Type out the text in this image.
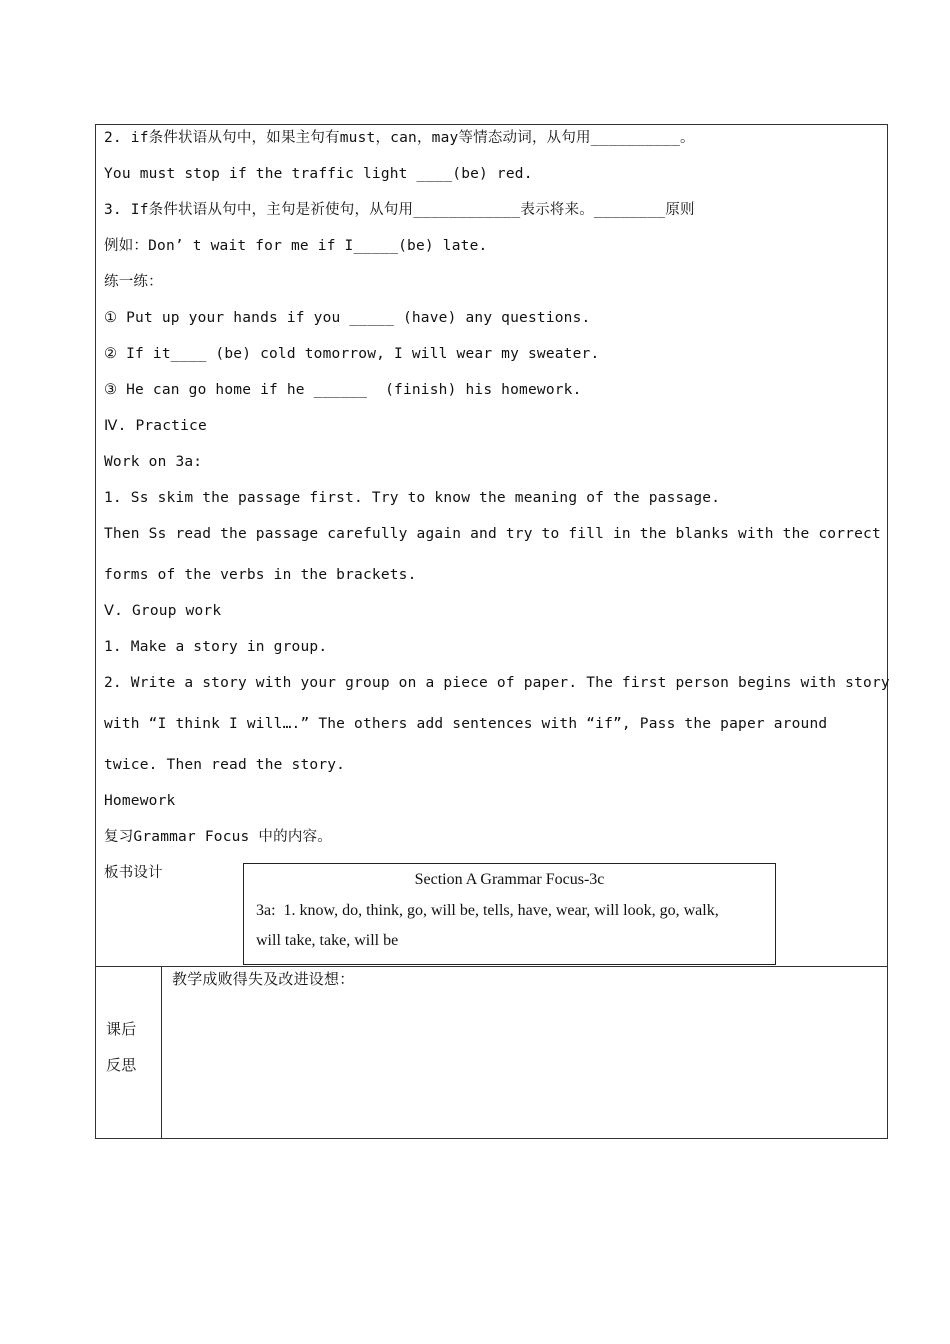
2. if条件状语从句中，如果主句有must，can，may等情态动词，从句用__________。
You must stop if the traffic light ____(be) red.
3. If条件状语从句中，主句是祈使句，从句用____________表示将来。________原则
例如：Don’ t wait for me if I_____(be) late.
练一练：
① Put up your hands if you _____ (have) any questions.
② If it____ (be) cold tomorrow, I will wear my sweater.
③ He can go home if he ______  (finish) his homework.
Ⅳ. Practice
Work on 3a:
1. Ss skim the passage first. Try to know the meaning of the passage.
Then Ss read the passage carefully again and try to fill in the blanks with the correct
forms of the verbs in the brackets.
Ⅴ. Group work
1. Make a story in group.
2. Write a story with your group on a piece of paper. The first person begins with story
with “I think I will….” The others add sentences with “if”, Pass the paper around
twice. Then read the story.
Homework
复习Grammar Focus 中的内容。
板书设计	Section A Grammar Focus-3c
3a:  1. know, do, think, go, will be, tells, have, wear, will look, go, walk,
will take, take, will be
课后
反思
教学成败得失及改进设想：
